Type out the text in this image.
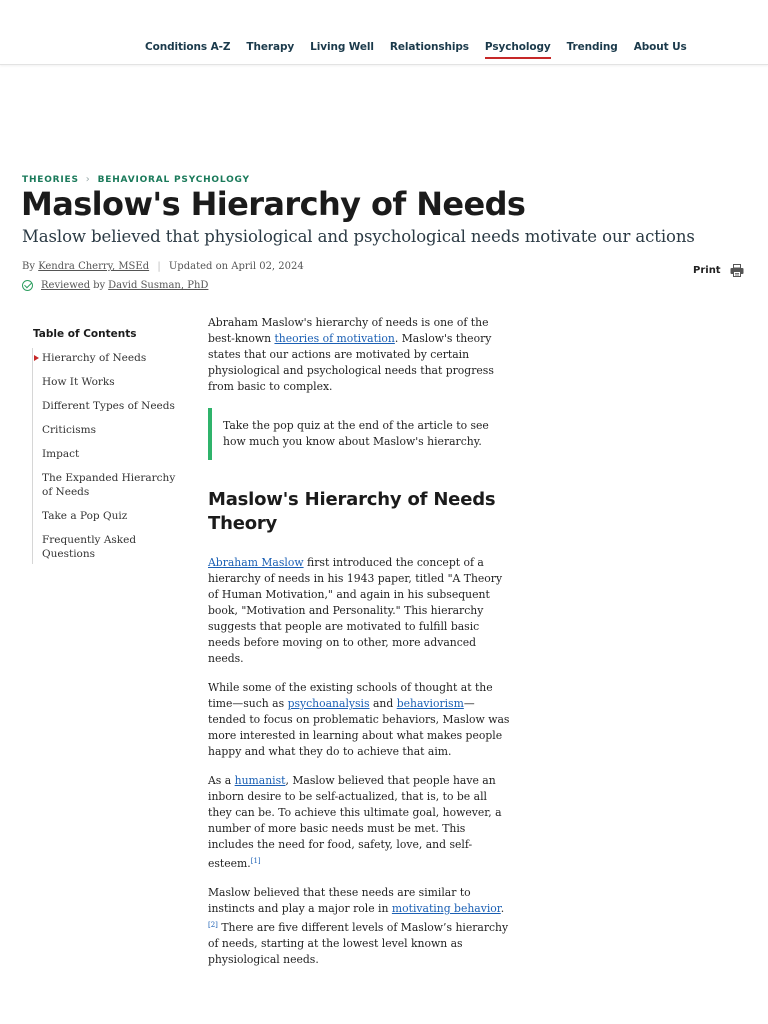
Conditions A-Z Therapy Living Well Relationships Psychology Trending About Us
THEORIES › BEHAVIORAL PSYCHOLOGY
Maslow's Hierarchy of Needs
Maslow believed that physiological and psychological needs motivate our actions
By Kendra Cherry, MSEd | Updated on April 02, 2024
Reviewed by David Susman, PhD
Print
Table of Contents
Hierarchy of Needs
How It Works
Different Types of Needs
Criticisms
Impact
The Expanded Hierarchy of Needs
Take a Pop Quiz
Frequently Asked Questions

Abraham Maslow's hierarchy of needs is one of the best-known theories of motivation. Maslow's theory states that our actions are motivated by certain physiological and psychological needs that progress from basic to complex.

Take the pop quiz at the end of the article to see how much you know about Maslow's hierarchy.
Maslow's Hierarchy of Needs Theory

Abraham Maslow first introduced the concept of a hierarchy of needs in his 1943 paper, titled "A Theory of Human Motivation," and again in his subsequent book, "Motivation and Personality." This hierarchy suggests that people are motivated to fulfill basic needs before moving on to other, more advanced needs.

While some of the existing schools of thought at the time—such as psychoanalysis and behaviorism—tended to focus on problematic behaviors, Maslow was more interested in learning about what makes people happy and what they do to achieve that aim.

As a humanist, Maslow believed that people have an inborn desire to be self-actualized, that is, to be all they can be. To achieve this ultimate goal, however, a number of more basic needs must be met. This includes the need for food, safety, love, and self-esteem.[1]

Maslow believed that these needs are similar to instincts and play a major role in motivating behavior.[2] There are five different levels of Maslow’s hierarchy of needs, starting at the lowest level known as physiological needs.
